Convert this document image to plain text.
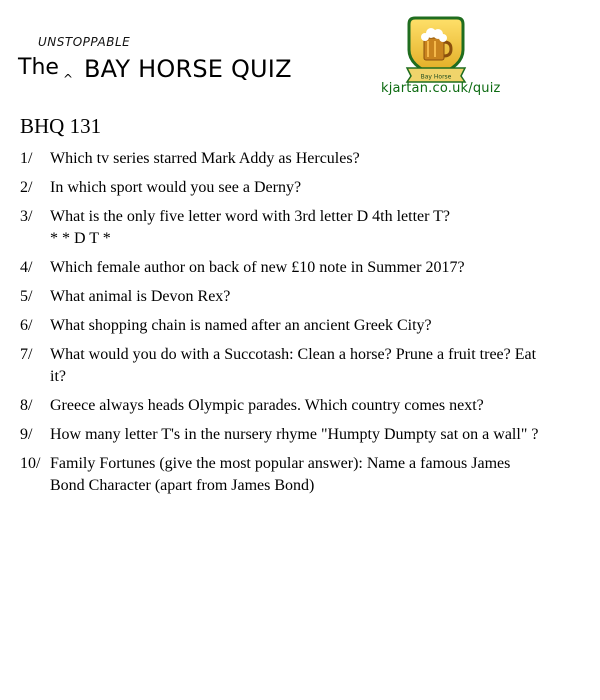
UNSTOPPABLE
The ^ BAY HORSE QUIZ	Bay Horse
kjartan.co.uk/quiz
BHQ 131
1/	Which tv series starred Mark Addy as Hercules?
2/	In which sport would you see a Derny?
3/	What is the only five letter word with 3rd letter D 4th letter T?
* * D T *
4/	Which female author on back of new £10 note in Summer 2017?
5/	What animal is Devon Rex?
6/	What shopping chain is named after an ancient Greek City?
7/	What would you do with a Succotash: Clean a horse? Prune a fruit tree? Eat it?
8/	Greece always heads Olympic parades. Which country comes next?
9/	How many letter T's in the nursery rhyme "Humpty Dumpty sat on a wall" ?
10/ Family Fortunes (give the most popular answer): Name a famous James Bond Character (apart from James Bond)
